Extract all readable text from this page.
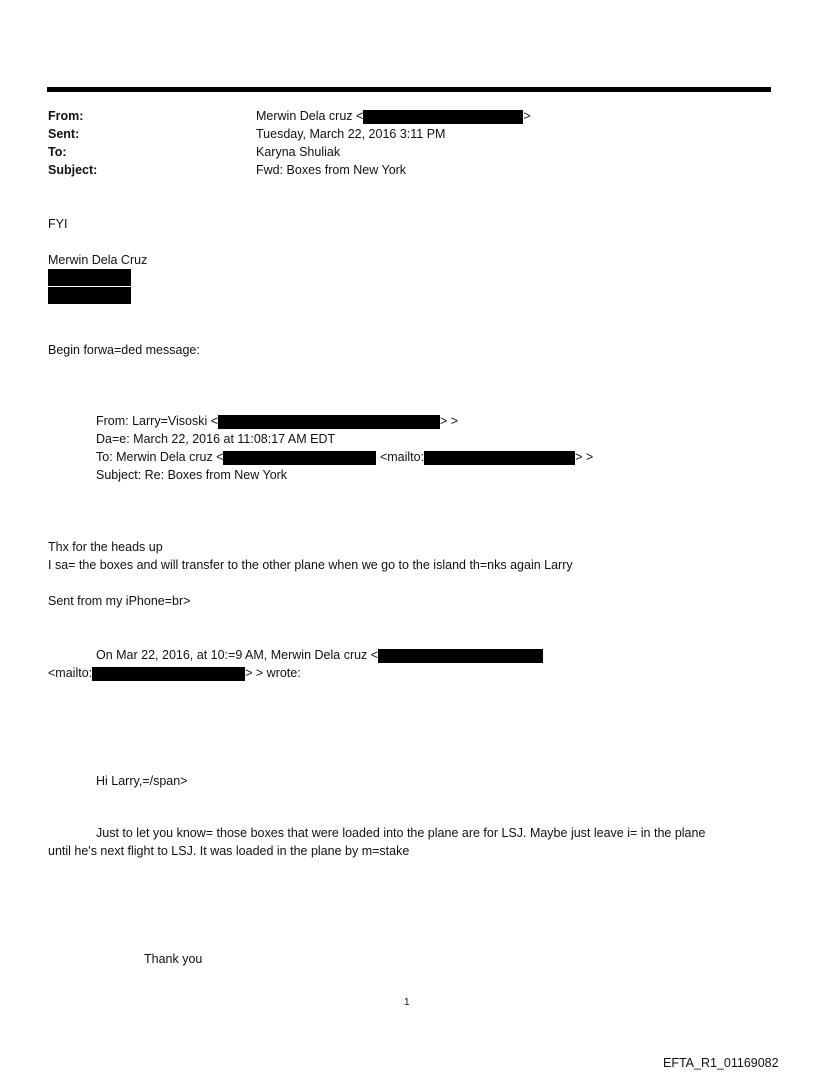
From:	Merwin Dela cruz <	>
Sent:	Tuesday, March 22, 2016 3:11 PM
To:	Karyna Shuliak
Subject:	Fwd: Boxes from New York
FYI
Merwin Dela Cruz
Begin forwa=ded message:
From: Larry=Visoski <	> >
Da=e: March 22, 2016 at 11:08:17 AM EDT
To: Merwin Dela cruz <	<mailto:	> >
Subject: Re: Boxes from New York
Thx for the heads up
I sa= the boxes and will transfer to the other plane when we go to the island th=nks again Larry
Sent from my iPhone=br>
On Mar 22, 2016, at 10:=9 AM, Merwin Dela cruz <
<mailto:	> > wrote:
Hi Larry,=/span>
Just to let you know= those boxes that were loaded into the plane are for LSJ. Maybe just leave i= in the plane
until he's next flight to LSJ. It was loaded in the plane by m=stake
Thank you
1
EFTA_R1_01169082
